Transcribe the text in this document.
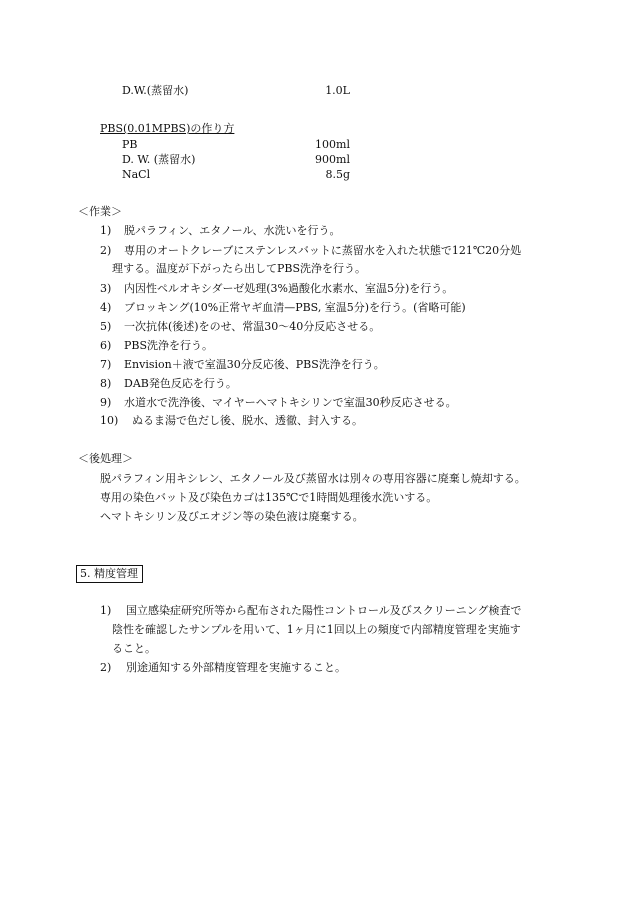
D.W.(蒸留水)	1.0L
PBS(0.01MPBS)の作り方
PB	100ml
D. W. (蒸留水)	900ml
NaCl	8.5g
＜作業＞
1) 脱パラフィン、エタノール、水洗いを行う。
2) 専用のオートクレーブにステンレスバットに蒸留水を入れた状態で121℃20分処
理する。温度が下がったら出してPBS洗浄を行う。
3) 内因性ペルオキシダーゼ処理(3%過酸化水素水、室温5分)を行う。
4) ブロッキング(10%正常ヤギ血清—PBS, 室温5分)を行う。(省略可能)
5) 一次抗体(後述)をのせ、常温30〜40分反応させる。
6) PBS洗浄を行う。
7) Envision＋液で室温30分反応後、PBS洗浄を行う。
8) DAB発色反応を行う。
9) 水道水で洗浄後、マイヤーヘマトキシリンで室温30秒反応させる。
10) ぬるま湯で色だし後、脱水、透徹、封入する。
＜後処理＞
脱パラフィン用キシレン、エタノール及び蒸留水は別々の専用容器に廃棄し焼却する。
専用の染色バット及び染色カゴは135℃で1時間処理後水洗いする。
ヘマトキシリン及びエオジン等の染色液は廃棄する。
5. 精度管理
1) 国立感染症研究所等から配布された陽性コントロール及びスクリーニング検査で
陰性を確認したサンプルを用いて、1ヶ月に1回以上の頻度で内部精度管理を実施す
ること。
2) 別途通知する外部精度管理を実施すること。
